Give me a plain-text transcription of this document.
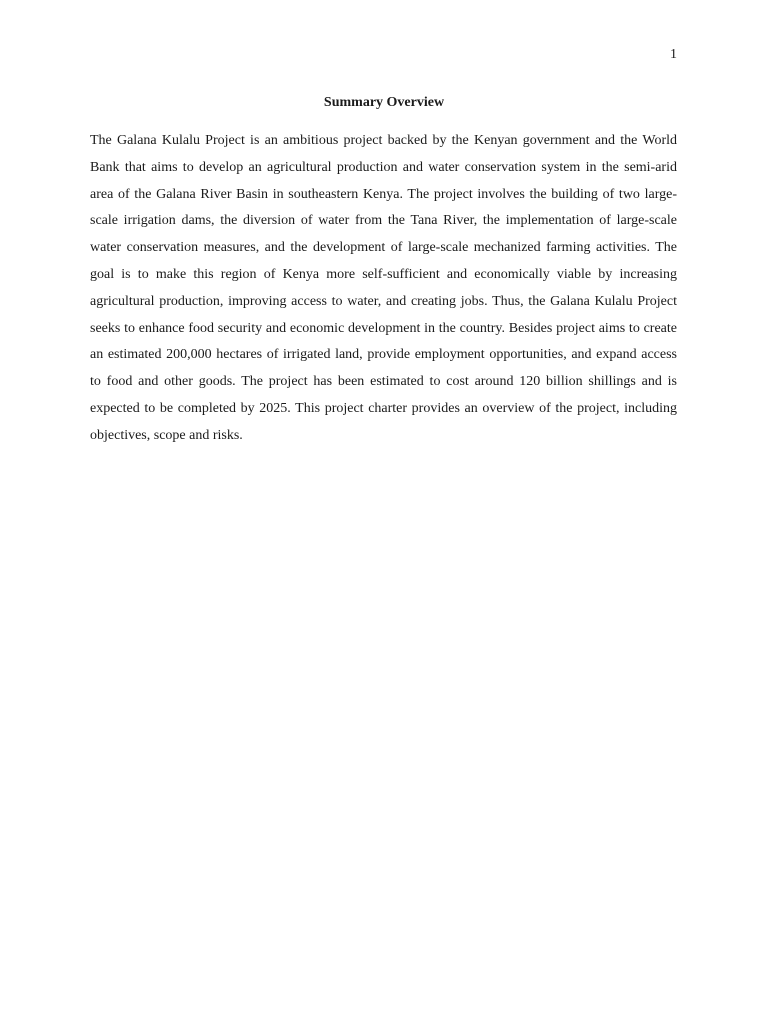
1
Summary Overview

The Galana Kulalu Project is an ambitious project backed by the Kenyan government and the World Bank that aims to develop an agricultural production and water conservation system in the semi-arid area of the Galana River Basin in southeastern Kenya. The project involves the building of two large-scale irrigation dams, the diversion of water from the Tana River, the implementation of large-scale water conservation measures, and the development of large-scale mechanized farming activities. The goal is to make this region of Kenya more self-sufficient and economically viable by increasing agricultural production, improving access to water, and creating jobs. Thus, the Galana Kulalu Project seeks to enhance food security and economic development in the country. Besides project aims to create an estimated 200,000 hectares of irrigated land, provide employment opportunities, and expand access to food and other goods. The project has been estimated to cost around 120 billion shillings and is expected to be completed by 2025. This project charter provides an overview of the project, including objectives, scope and risks.
